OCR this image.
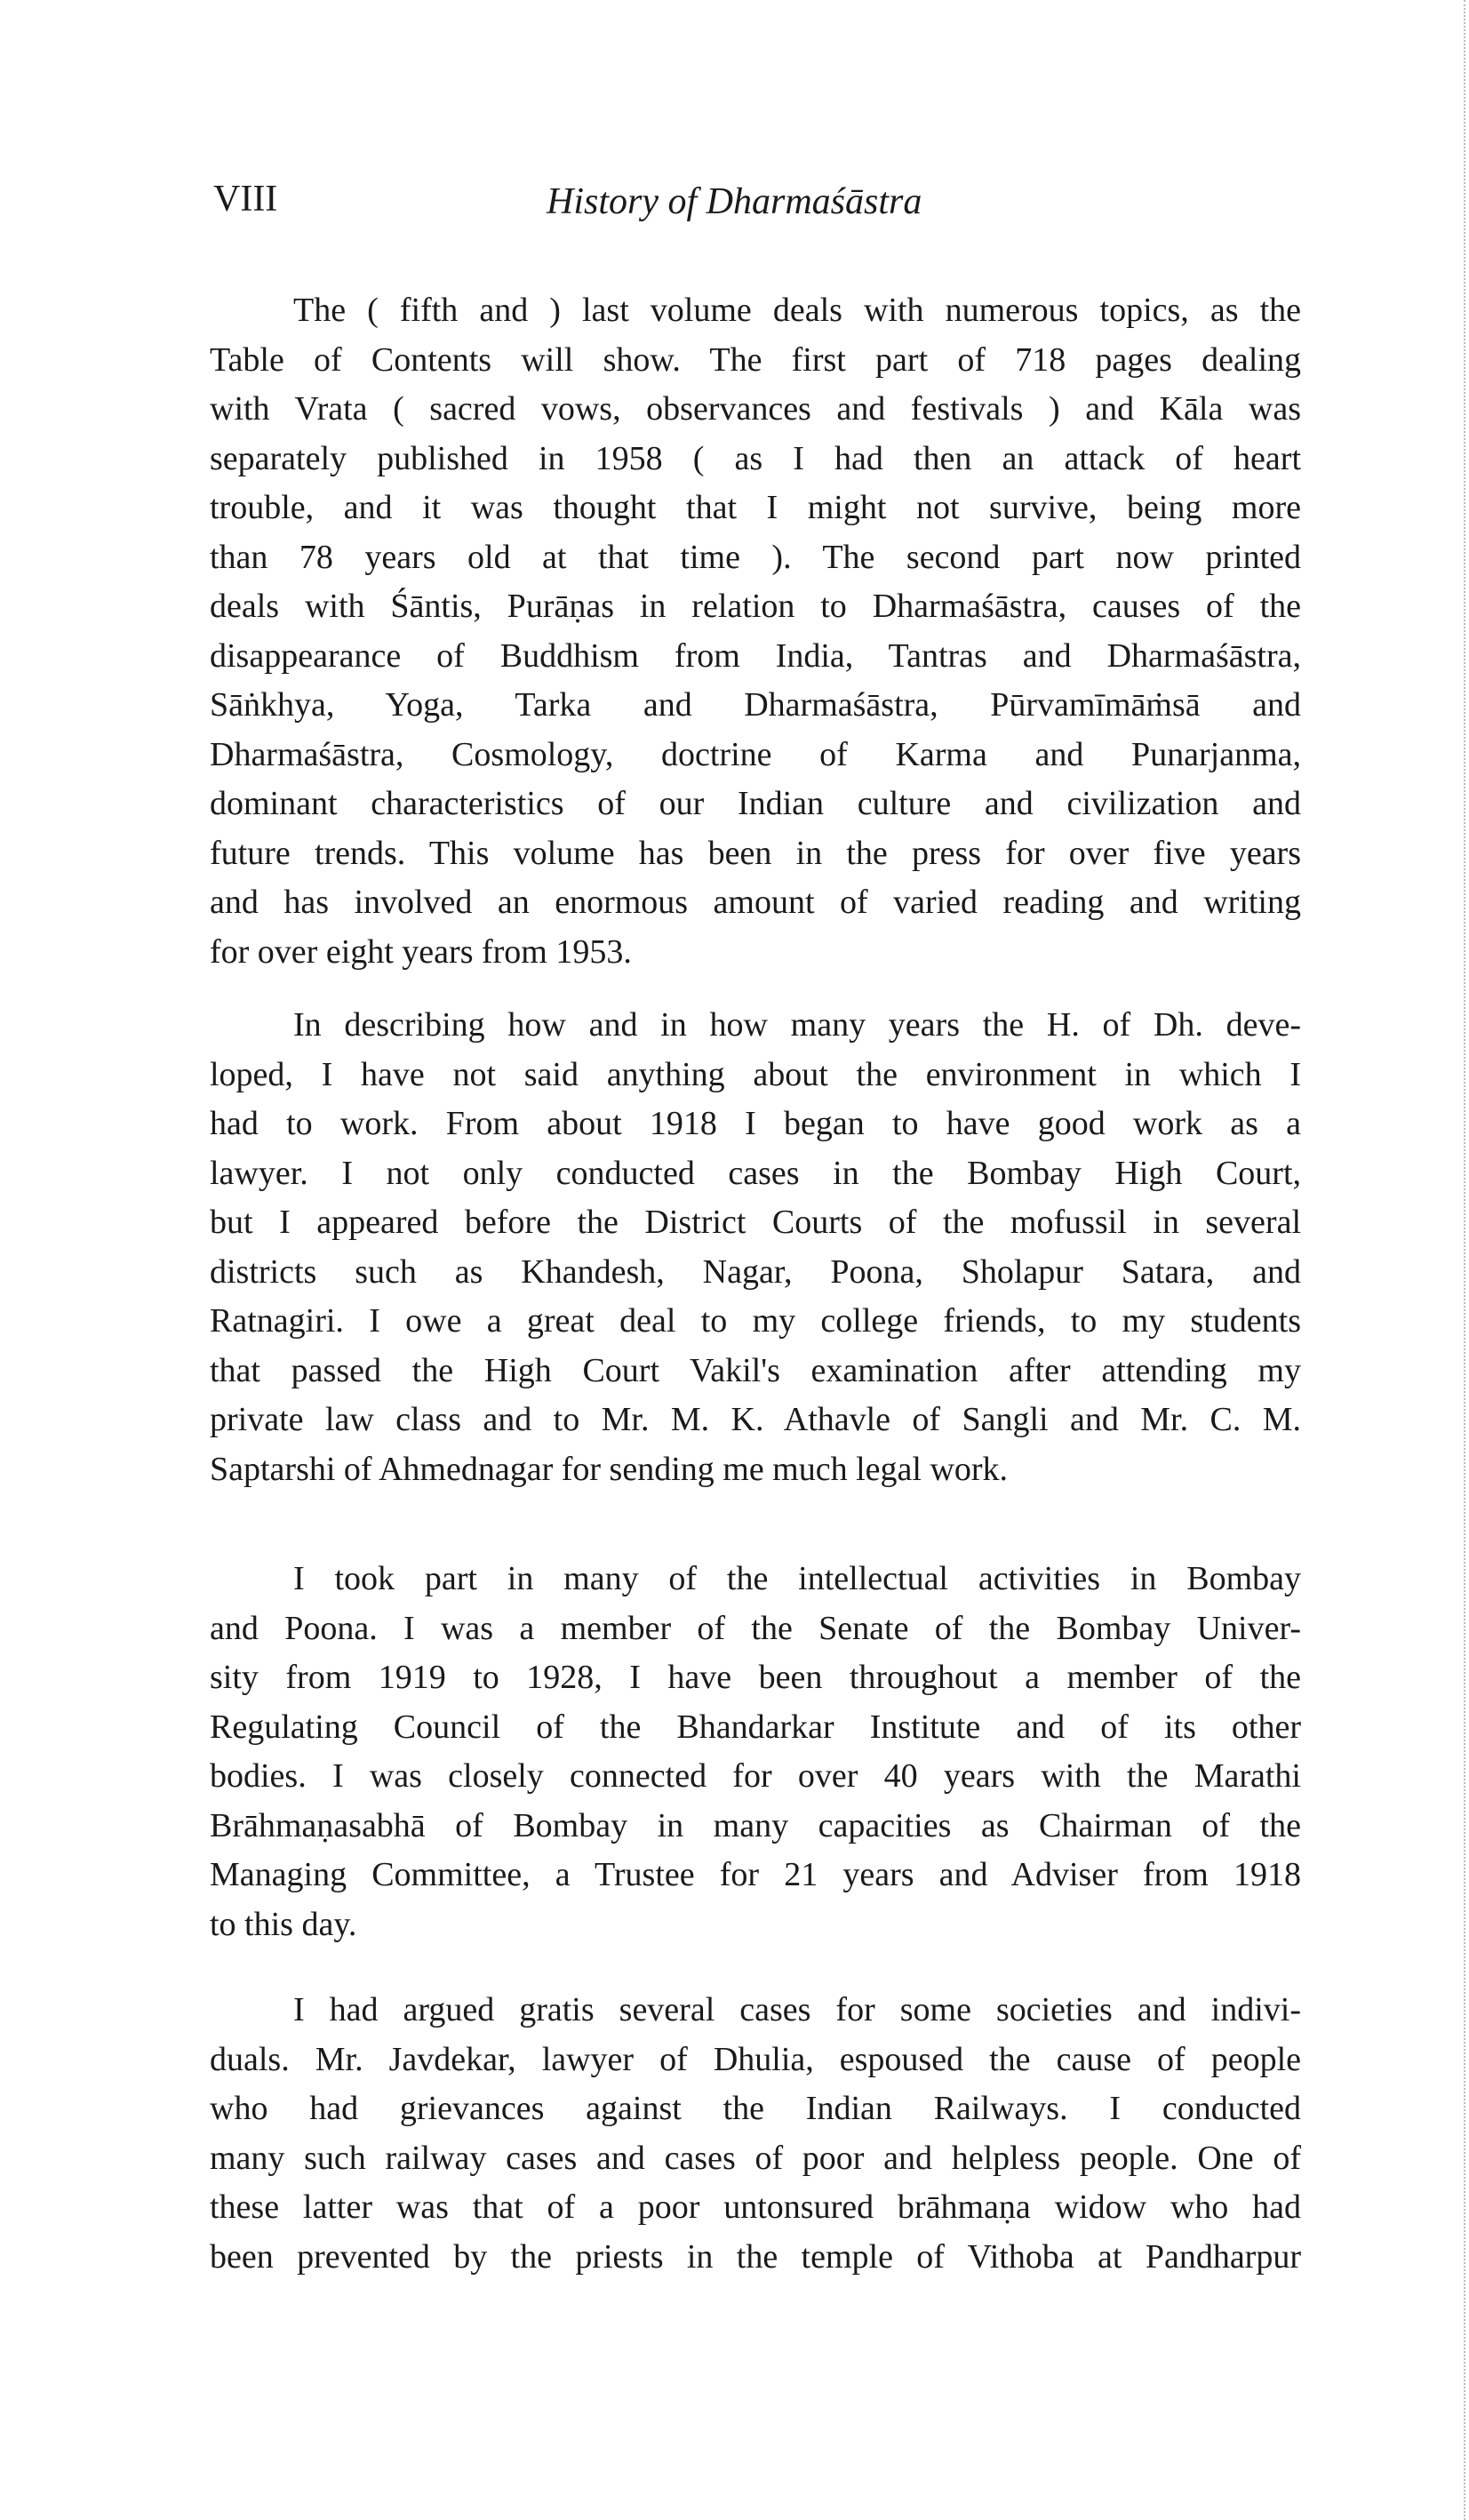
VIII	History of Dharmaśāstra
The ( fifth and ) last volume deals with numerous topics, as the
Table of Contents will show. The first part of 718 pages dealing
with Vrata ( sacred vows, observances and festivals ) and Kāla was
separately published in 1958 ( as I had then an attack of heart
trouble, and it was thought that I might not survive, being more
than 78 years old at that time ). The second part now printed
deals with Śāntis, Purāṇas in relation to Dharmaśāstra, causes of the
disappearance of Buddhism from India, Tantras and Dharmaśāstra,
Sāṅkhya, Yoga, Tarka and Dharmaśāstra, Pūrvamīmāṁsā and
Dharmaśāstra, Cosmology, doctrine of Karma and Punarjanma,
dominant characteristics of our Indian culture and civilization and
future trends. This volume has been in the press for over five years
and has involved an enormous amount of varied reading and writing
for over eight years from 1953.
In describing how and in how many years the H. of Dh. deve-
loped, I have not said anything about the environment in which I
had to work. From about 1918 I began to have good work as a
lawyer. I not only conducted cases in the Bombay High Court,
but I appeared before the District Courts of the mofussil in several
districts such as Khandesh, Nagar, Poona, Sholapur Satara, and
Ratnagiri. I owe a great deal to my college friends, to my students
that passed the High Court Vakil's examination after attending my
private law class and to Mr. M. K. Athavle of Sangli and Mr. C. M.
Saptarshi of Ahmednagar for sending me much legal work.
I took part in many of the intellectual activities in Bombay
and Poona. I was a member of the Senate of the Bombay Univer-
sity from 1919 to 1928, I have been throughout a member of the
Regulating Council of the Bhandarkar Institute and of its other
bodies. I was closely connected for over 40 years with the Marathi
Brāhmaṇasabhā of Bombay in many capacities as Chairman of the
Managing Committee, a Trustee for 21 years and Adviser from 1918
to this day.
I had argued gratis several cases for some societies and indivi-
duals. Mr. Javdekar, lawyer of Dhulia, espoused the cause of people
who had grievances against the Indian Railways. I conducted
many such railway cases and cases of poor and helpless people. One of
these latter was that of a poor untonsured brāhmaṇa widow who had
been prevented by the priests in the temple of Vithoba at Pandharpur
